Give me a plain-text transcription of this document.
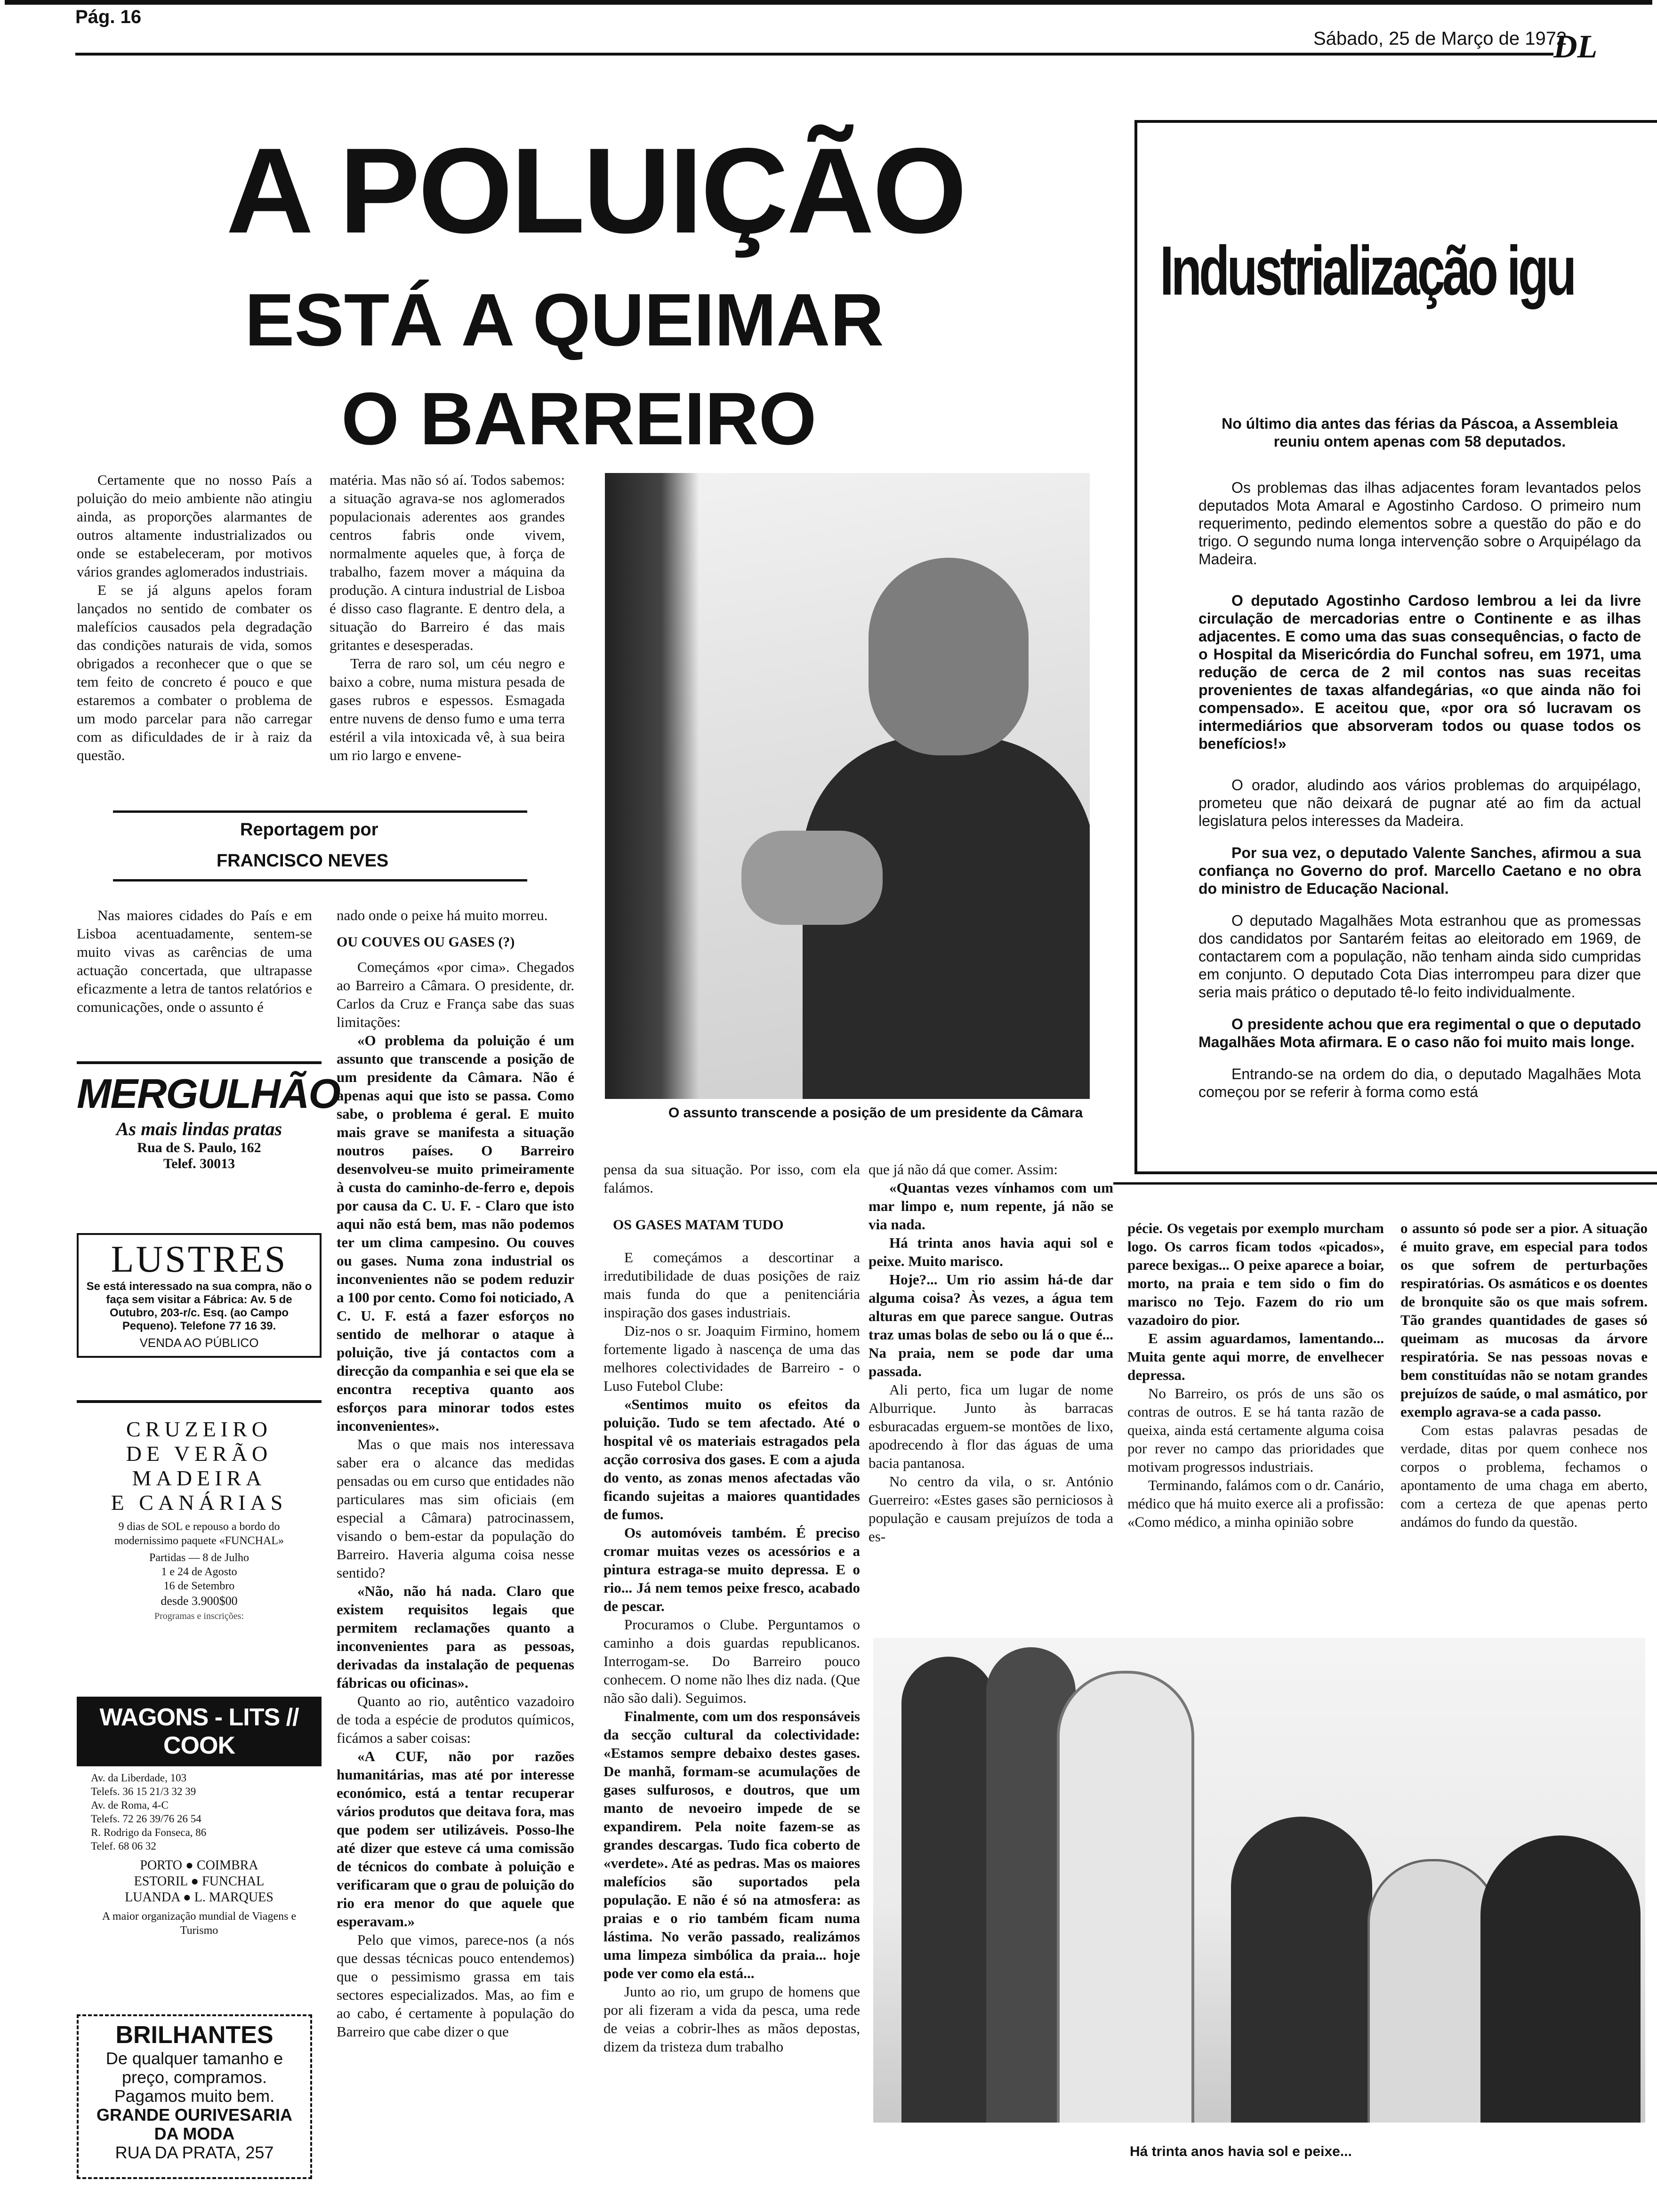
Pág. 16
Sábado, 25 de Março de 1972
DL
A POLUIÇÃO
ESTÁ A QUEIMAR
O BARREIRO

Certamente que no nosso País a poluição do meio ambiente não atingiu ainda, as proporções alarmantes de outros altamente industrializados ou onde se estabeleceram, por motivos vários grandes aglomerados industriais.

E se já alguns apelos foram lançados no sentido de combater os malefícios causados pela degradação das condições naturais de vida, somos obrigados a reconhecer que o que se tem feito de concreto é pouco e que estaremos a combater o problema de um modo parcelar para não carregar com as dificuldades de ir à raiz da questão.

matéria. Mas não só aí. Todos sabemos: a situação agrava-se nos aglomerados populacionais aderentes aos grandes centros fabris onde vivem, normalmente aqueles que, à força de trabalho, fazem mover a máquina da produção. A cintura industrial de Lisboa é disso caso flagrante. E dentro dela, a situação do Barreiro é das mais gritantes e desesperadas.

Terra de raro sol, um céu negro e baixo a cobre, numa mistura pesada de gases rubros e espessos. Esmagada entre nuvens de denso fumo e uma terra estéril a vila intoxicada vê, à sua beira um rio largo e envene-

Reportagem por
FRANCISCO NEVES

Nas maiores cidades do País e em Lisboa acentuadamente, sentem-se muito vivas as carências de uma actuação concertada, que ultrapasse eficazmente a letra de tantos relatórios e comunicações, onde o assunto é

MERGULHÃO
As mais lindas pratas
Rua de S. Paulo, 162
Telef. 30013
LUSTRES
Se está interessado na sua compra, não o faça sem visitar a Fábrica: Av. 5 de Outubro, 203-r/c. Esq. (ao Campo Pequeno). Telefone 77 16 39.
VENDA AO PÚBLICO
CRUZEIRO
DE VERÃO
MADEIRA
E CANÁRIAS
9 dias de SOL e repouso a bordo do modernissimo paquete «FUNCHAL»
Partidas — 8 de Julho
1 e 24 de Agosto
16 de Setembro
desde 3.900$00
Programas e inscrições:
WAGONS - LITS // COOK
Av. da Liberdade, 103
Telefs. 36 15 21/3 32 39
Av. de Roma, 4-C
Telefs. 72 26 39/76 26 54
R. Rodrigo da Fonseca, 86
Telef. 68 06 32
PORTO ● COIMBRA
ESTORIL ● FUNCHAL
LUANDA ● L. MARQUES
A maior organização mundial de Viagens e Turismo
BRILHANTES
De qualquer tamanho e preço, compramos. Pagamos muito bem.
GRANDE OURIVESARIA DA MODA
RUA DA PRATA, 257

nado onde o peixe há muito morreu.

OU COUVES OU GASES (?)

Começámos «por cima». Chegados ao Barreiro a Câmara. O presidente, dr. Carlos da Cruz e França sabe das suas limitações:

«O problema da poluição é um assunto que transcende a posição de um presidente da Câmara. Não é apenas aqui que isto se passa. Como sabe, o problema é geral. E muito mais grave se manifesta a situação noutros países. O Barreiro desenvolveu-se muito primeiramente à custa do caminho-de-ferro e, depois por causa da C. U. F. - Claro que isto aqui não está bem, mas não podemos ter um clima campesino. Ou couves ou gases. Numa zona industrial os inconvenientes não se podem reduzir a 100 por cento. Como foi noticiado, A C. U. F. está a fazer esforços no sentido de melhorar o ataque à poluição, tive já contactos com a direcção da companhia e sei que ela se encontra receptiva quanto aos esforços para minorar todos estes inconvenientes».

Mas o que mais nos interessava saber era o alcance das medidas pensadas ou em curso que entidades não particulares mas sim oficiais (em especial a Câmara) patrocinassem, visando o bem-estar da população do Barreiro. Haveria alguma coisa nesse sentido?

«Não, não há nada. Claro que existem requisitos legais que permitem reclamações quanto a inconvenientes para as pessoas, derivadas da instalação de pequenas fábricas ou oficinas».

Quanto ao rio, autêntico vazadoiro de toda a espécie de produtos químicos, ficámos a saber coisas:

«A CUF, não por razões humanitárias, mas até por interesse económico, está a tentar recuperar vários produtos que deitava fora, mas que podem ser utilizáveis. Posso-lhe até dizer que esteve cá uma comissão de técnicos do combate à poluição e verificaram que o grau de poluição do rio era menor do que aquele que esperavam.»

Pelo que vimos, parece-nos (a nós que dessas técnicas pouco entendemos) que o pessimismo grassa em tais sectores especializados. Mas, ao fim e ao cabo, é certamente à população do Barreiro que cabe dizer o que

O assunto transcende a posição de um presidente da Câmara

pensa da sua situação. Por isso, com ela falámos.

OS GASES MATAM TUDO

E começámos a descortinar a irredutibilidade de duas posições de raiz mais funda do que a penitenciária inspiração dos gases industriais.

Diz-nos o sr. Joaquim Firmino, homem fortemente ligado à nascença de uma das melhores colectividades de Barreiro - o Luso Futebol Clube:

«Sentimos muito os efeitos da poluição. Tudo se tem afectado. Até o hospital vê os materiais estragados pela acção corrosiva dos gases. E com a ajuda do vento, as zonas menos afectadas vão ficando sujeitas a maiores quantidades de fumos.

Os automóveis também. É preciso cromar muitas vezes os acessórios e a pintura estraga-se muito depressa. E o rio... Já nem temos peixe fresco, acabado de pescar.

Procuramos o Clube. Perguntamos o caminho a dois guardas republicanos. Interrogam-se. Do Barreiro pouco conhecem. O nome não lhes diz nada. (Que não são dali). Seguimos.

Finalmente, com um dos responsáveis da secção cultural da colectividade: «Estamos sempre debaixo destes gases. De manhã, formam-se acumulações de gases sulfurosos, e doutros, que um manto de nevoeiro impede de se expandirem. Pela noite fazem-se as grandes descargas. Tudo fica coberto de «verdete». Até as pedras. Mas os maiores malefícios são suportados pela população. E não é só na atmosfera: as praias e o rio também ficam numa lástima. No verão passado, realizámos uma limpeza simbólica da praia... hoje pode ver como ela está...

Junto ao rio, um grupo de homens que por ali fizeram a vida da pesca, uma rede de veias a cobrir-lhes as mãos depostas, dizem da tristeza dum trabalho

que já não dá que comer. Assim:

«Quantas vezes vínhamos com um mar limpo e, num repente, já não se via nada.

Há trinta anos havia aqui sol e peixe. Muito marisco.

Hoje?... Um rio assim há-de dar alguma coisa? Às vezes, a água tem alturas em que parece sangue. Outras traz umas bolas de sebo ou lá o que é... Na praia, nem se pode dar uma passada.

Ali perto, fica um lugar de nome Alburrique. Junto às barracas esburacadas erguem-se montões de lixo, apodrecendo à flor das águas de uma bacia pantanosa.

No centro da vila, o sr. António Guerreiro: «Estes gases são perniciosos à população e causam prejuízos de toda a es-

pécie. Os vegetais por exemplo murcham logo. Os carros ficam todos «picados», parece bexigas... O peixe aparece a boiar, morto, na praia e tem sido o fim do marisco no Tejo. Fazem do rio um vazadoiro do pior.

E assim aguardamos, lamentando... Muita gente aqui morre, de envelhecer depressa.

No Barreiro, os prós de uns são os contras de outros. E se há tanta razão de queixa, ainda está certamente alguma coisa por rever no campo das prioridades que motivam progressos industriais.

Terminando, falámos com o dr. Canário, médico que há muito exerce ali a profissão: «Como médico, a minha opinião sobre

o assunto só pode ser a pior. A situação é muito grave, em especial para todos os que sofrem de perturbações respiratórias. Os asmáticos e os doentes de bronquite são os que mais sofrem. Tão grandes quantidades de gases só queimam as mucosas da árvore respiratória. Se nas pessoas novas e bem constituídas não se notam grandes prejuízos de saúde, o mal asmático, por exemplo agrava-se a cada passo.

Com estas palavras pesadas de verdade, ditas por quem conhece nos corpos o problema, fechamos o apontamento de uma chaga em aberto, com a certeza de que apenas perto andámos do fundo da questão.

Há trinta anos havia sol e peixe...
Industrialização igu

No último dia antes das férias da Páscoa, a Assembleia reuniu ontem apenas com 58 deputados.

Os problemas das ilhas adjacentes foram levantados pelos deputados Mota Amaral e Agostinho Cardoso. O primeiro num requerimento, pedindo elementos sobre a questão do pão e do trigo. O segundo numa longa intervenção sobre o Arquipélago da Madeira.

O deputado Agostinho Cardoso lembrou a lei da livre circulação de mercadorias entre o Continente e as ilhas adjacentes. E como uma das suas consequências, o facto de o Hospital da Misericórdia do Funchal sofreu, em 1971, uma redução de cerca de 2 mil contos nas suas receitas provenientes de taxas alfandegárias, «o que ainda não foi compensado». E aceitou que, «por ora só lucravam os intermediários que absorveram todos ou quase todos os benefícios!»

O orador, aludindo aos vários problemas do arquipélago, prometeu que não deixará de pugnar até ao fim da actual legislatura pelos interesses da Madeira.

Por sua vez, o deputado Valente Sanches, afirmou a sua confiança no Governo do prof. Marcello Caetano e no obra do ministro de Educação Nacional.

O deputado Magalhães Mota estranhou que as promessas dos candidatos por Santarém feitas ao eleitorado em 1969, de contactarem com a população, não tenham ainda sido cumpridas em conjunto. O deputado Cota Dias interrompeu para dizer que seria mais prático o deputado tê-lo feito individualmente.

O presidente achou que era regimental o que o deputado Magalhães Mota afirmara. E o caso não foi muito mais longe.

Entrando-se na ordem do dia, o deputado Magalhães Mota começou por se referir à forma como está
